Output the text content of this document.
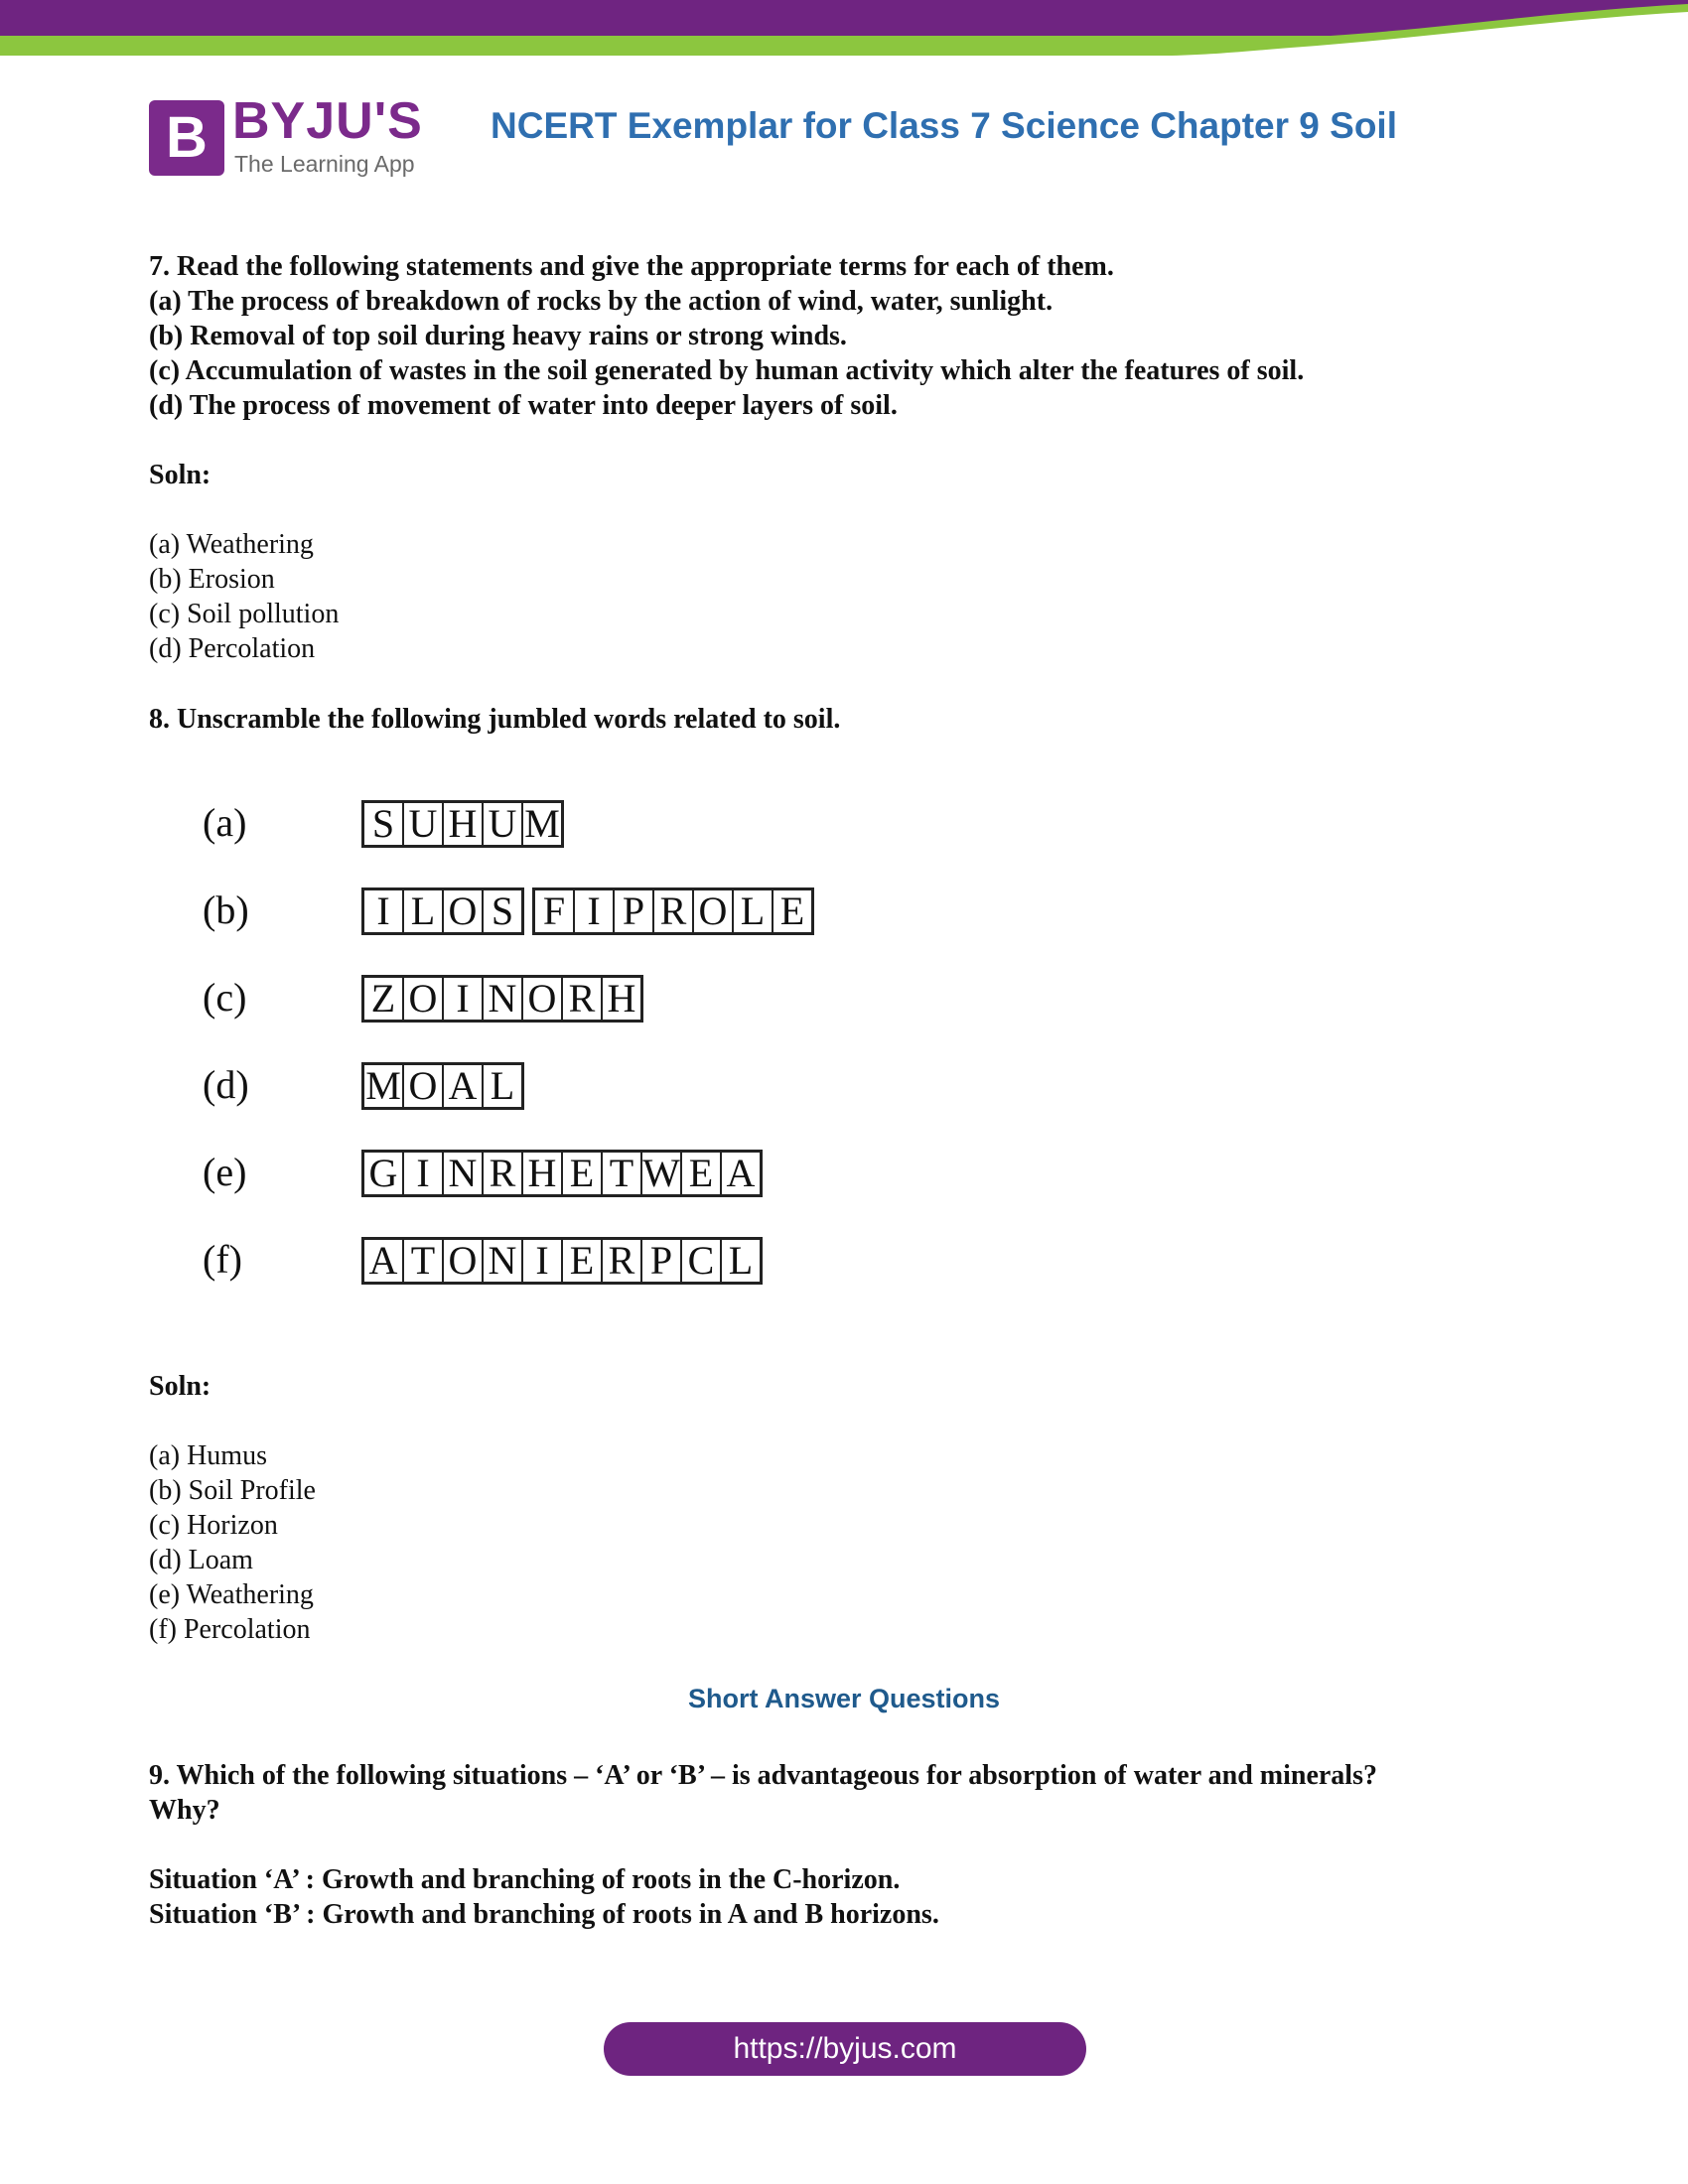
B BYJU'S
The Learning App
NCERT Exemplar for Class 7 Science Chapter 9 Soil
7. Read the following statements and give the appropriate terms for each of them.
(a) The process of breakdown of rocks by the action of wind, water, sunlight.
(b) Removal of top soil during heavy rains or strong winds.
(c) Accumulation of wastes in the soil generated by human activity which alter the features of soil.
(d) The process of movement of water into deeper layers of soil.
Soln:
(a) Weathering
(b) Erosion
(c) Soil pollution
(d) Percolation
8. Unscramble the following jumbled words related to soil.
(a)	S U H U M
(b)	I L O S F I P R O L E
(c)	Z O I N O R H
(d)	M O A L
(e)	G I N R H E T W E A
(f)	A T O N I E R P C L
Soln:
(a) Humus
(b) Soil Profile
(c) Horizon
(d) Loam
(e) Weathering
(f) Percolation
Short Answer Questions
9. Which of the following situations – ‘A’ or ‘B’ – is advantageous for absorption of water and minerals?
Why?
Situation ‘A’ : Growth and branching of roots in the C-horizon.
Situation ‘B’ : Growth and branching of roots in A and B horizons.
https://byjus.com
